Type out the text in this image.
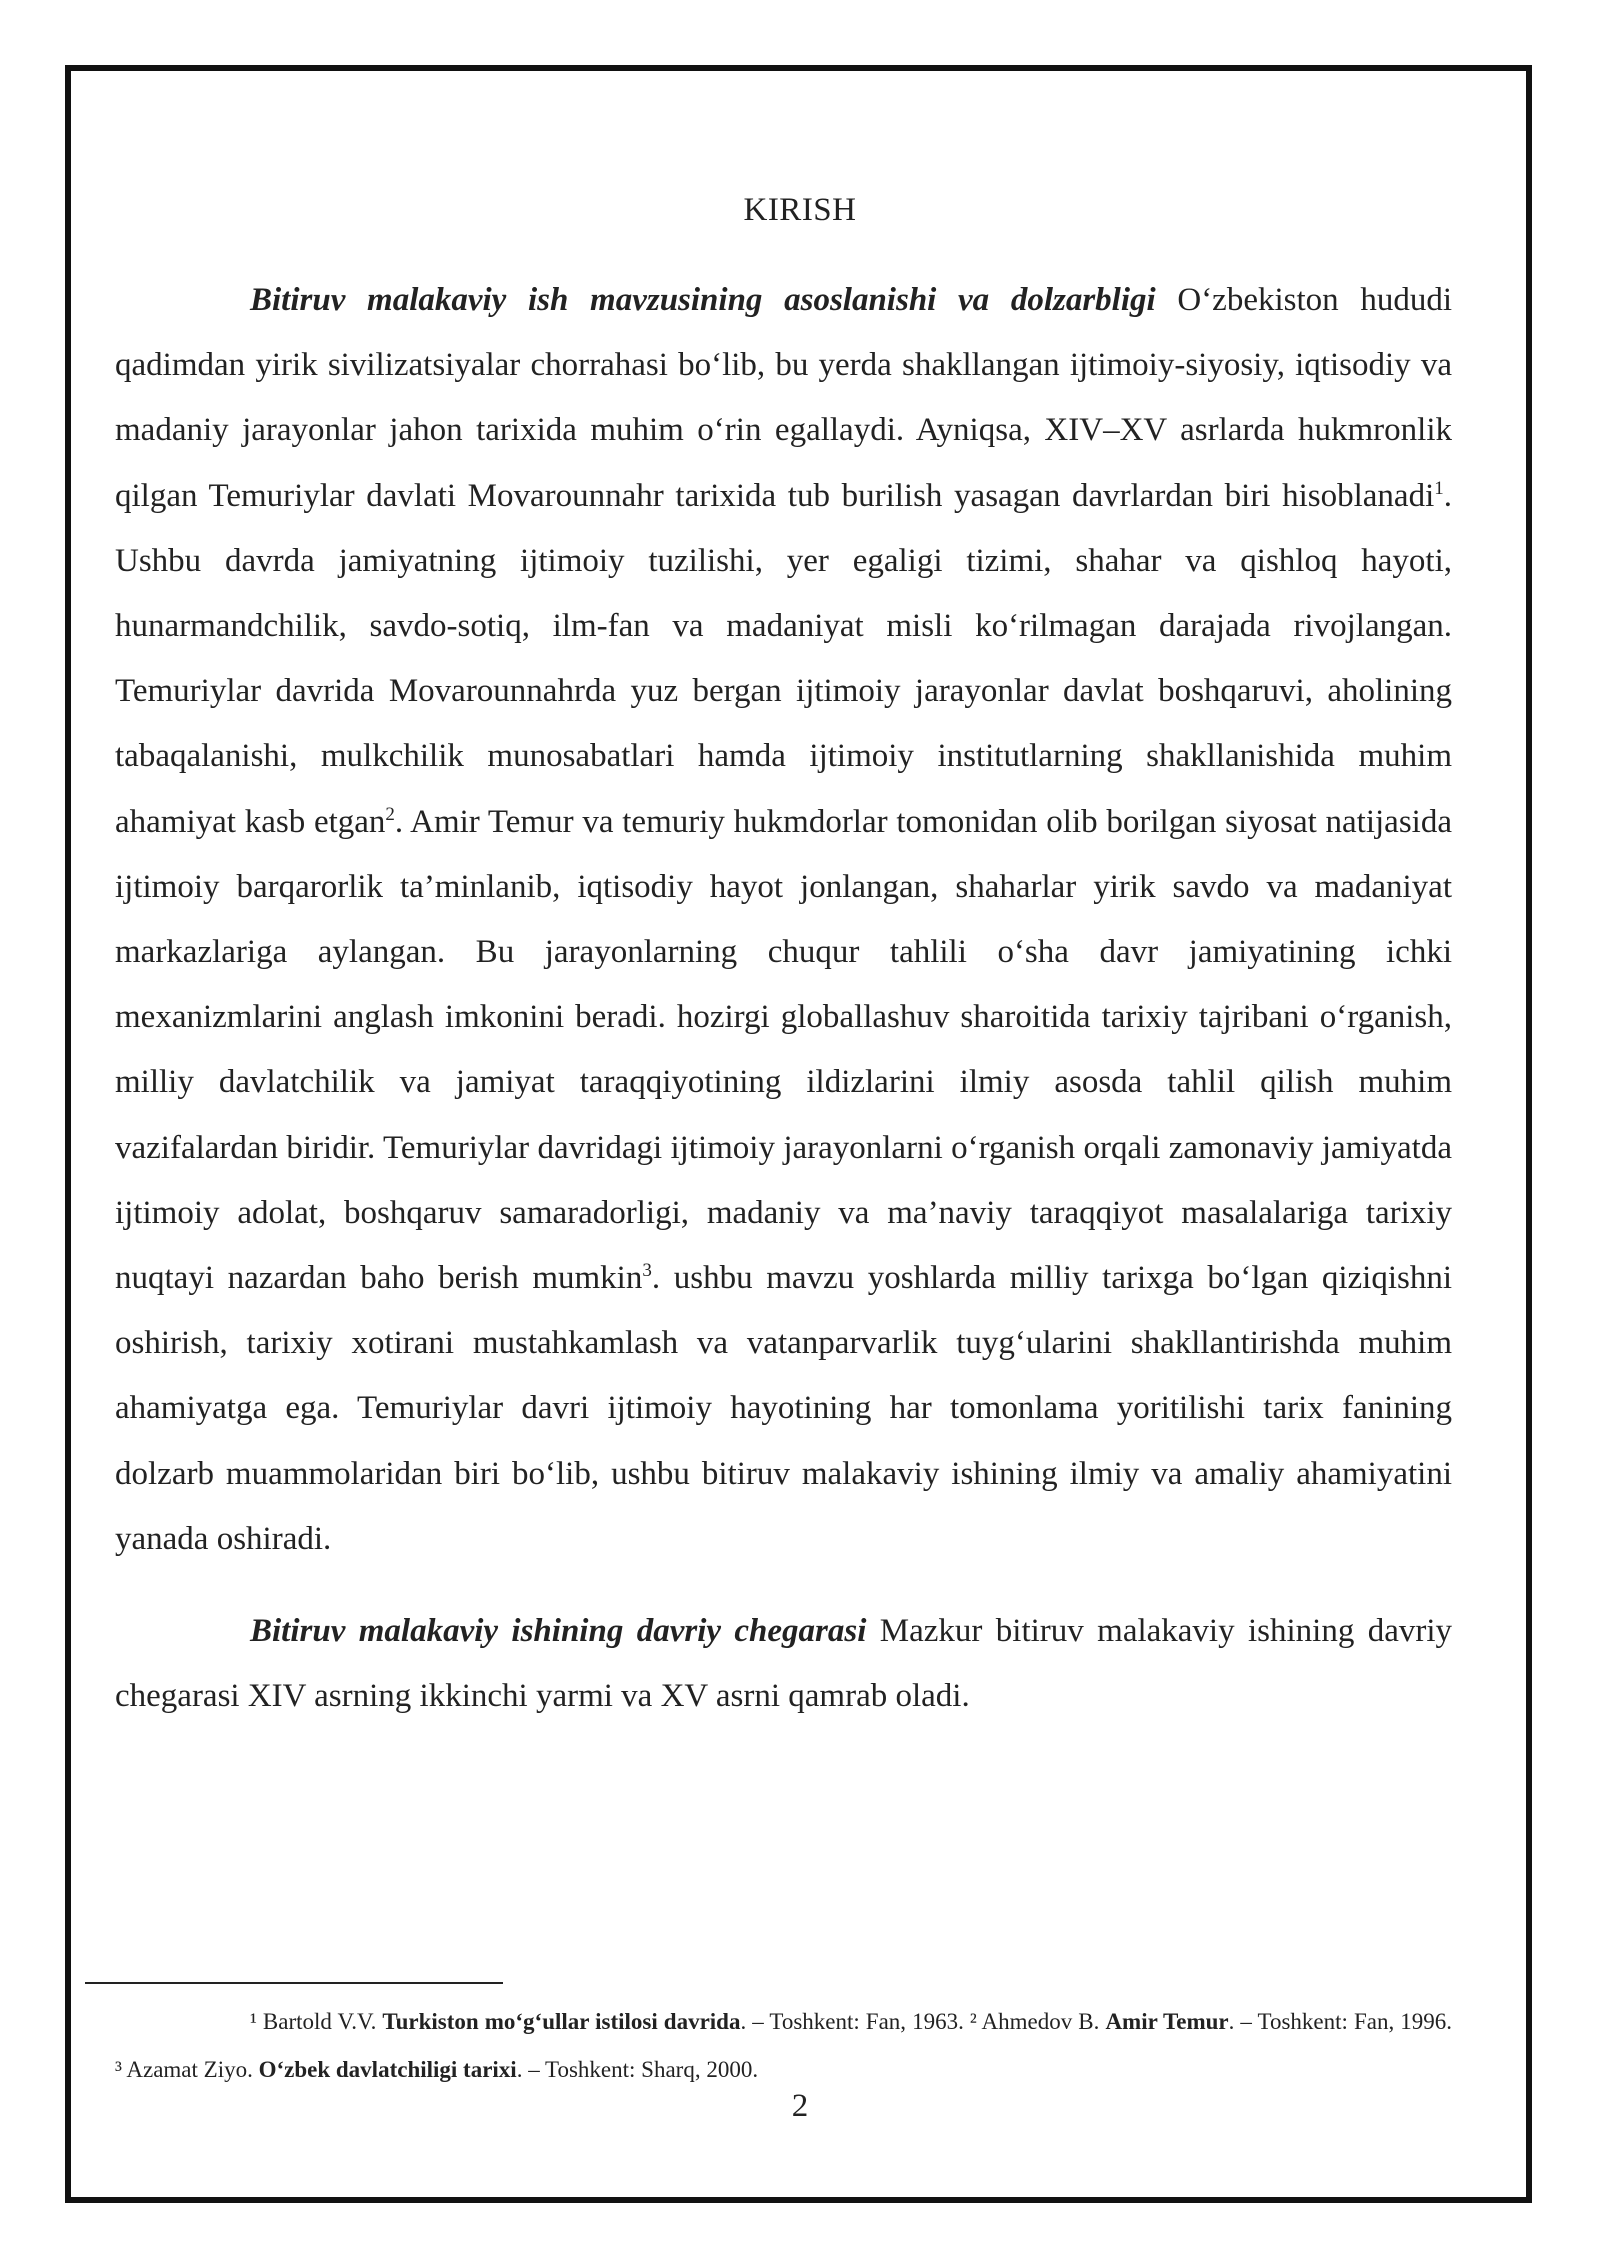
KIRISH

Bitiruv malakaviy ish mavzusining asoslanishi va dolzarbligi O‘zbekiston hududi qadimdan yirik sivilizatsiyalar chorrahasi bo‘lib, bu yerda shakllangan ijtimoiy-siyosiy, iqtisodiy va madaniy jarayonlar jahon tarixida muhim o‘rin egallaydi. Ayniqsa, XIV–XV asrlarda hukmronlik qilgan Temuriylar davlati Movarounnahr tarixida tub burilish yasagan davrlardan biri hisoblanadi$^1$. Ushbu davrda jamiyatning ijtimoiy tuzilishi, yer egaligi tizimi, shahar va qishloq hayoti, hunarmandchilik, savdo-sotiq, ilm-fan va madaniyat misli ko‘rilmagan darajada rivojlangan. Temuriylar davrida Movarounnahrda yuz bergan ijtimoiy jarayonlar davlat boshqaruvi, aholining tabaqalanishi, mulkchilik munosabatlari hamda ijtimoiy institutlarning shakllanishida muhim ahamiyat kasb etgan$^2$. Amir Temur va temuriy hukmdorlar tomonidan olib borilgan siyosat natijasida ijtimoiy barqarorlik ta’minlanib, iqtisodiy hayot jonlangan, shaharlar yirik savdo va madaniyat markazlariga aylangan. Bu jarayonlarning chuqur tahlili o‘sha davr jamiyatining ichki mexanizmlarini anglash imkonini beradi. hozirgi globallashuv sharoitida tarixiy tajribani o‘rganish, milliy davlatchilik va jamiyat taraqqiyotining ildizlarini ilmiy asosda tahlil qilish muhim vazifalardan biridir. Temuriylar davridagi ijtimoiy jarayonlarni o‘rganish orqali zamonaviy jamiyatda ijtimoiy adolat, boshqaruv samaradorligi, madaniy va ma’naviy taraqqiyot masalalariga tarixiy nuqtayi nazardan baho berish mumkin$^3$. ushbu mavzu yoshlarda milliy tarixga bo‘lgan qiziqishni oshirish, tarixiy xotirani mustahkamlash va vatanparvarlik tuyg‘ularini shakllantirishda muhim ahamiyatga ega. Temuriylar davri ijtimoiy hayotining har tomonlama yoritilishi tarix fanining dolzarb muammolaridan biri bo‘lib, ushbu bitiruv malakaviy ishining ilmiy va amaliy ahamiyatini yanada oshiradi.

Bitiruv malakaviy ishining davriy chegarasi Mazkur bitiruv malakaviy ishining davriy chegarasi XIV asrning ikkinchi yarmi va XV asrni qamrab oladi.

¹ Bartold V.V. Turkiston mo‘g‘ullar istilosi davrida. – Toshkent: Fan, 1963. ² Ahmedov B. Amir Temur. – Toshkent: Fan, 1996. ³ Azamat Ziyo. O‘zbek davlatchiligi tarixi. – Toshkent: Sharq, 2000.
2
